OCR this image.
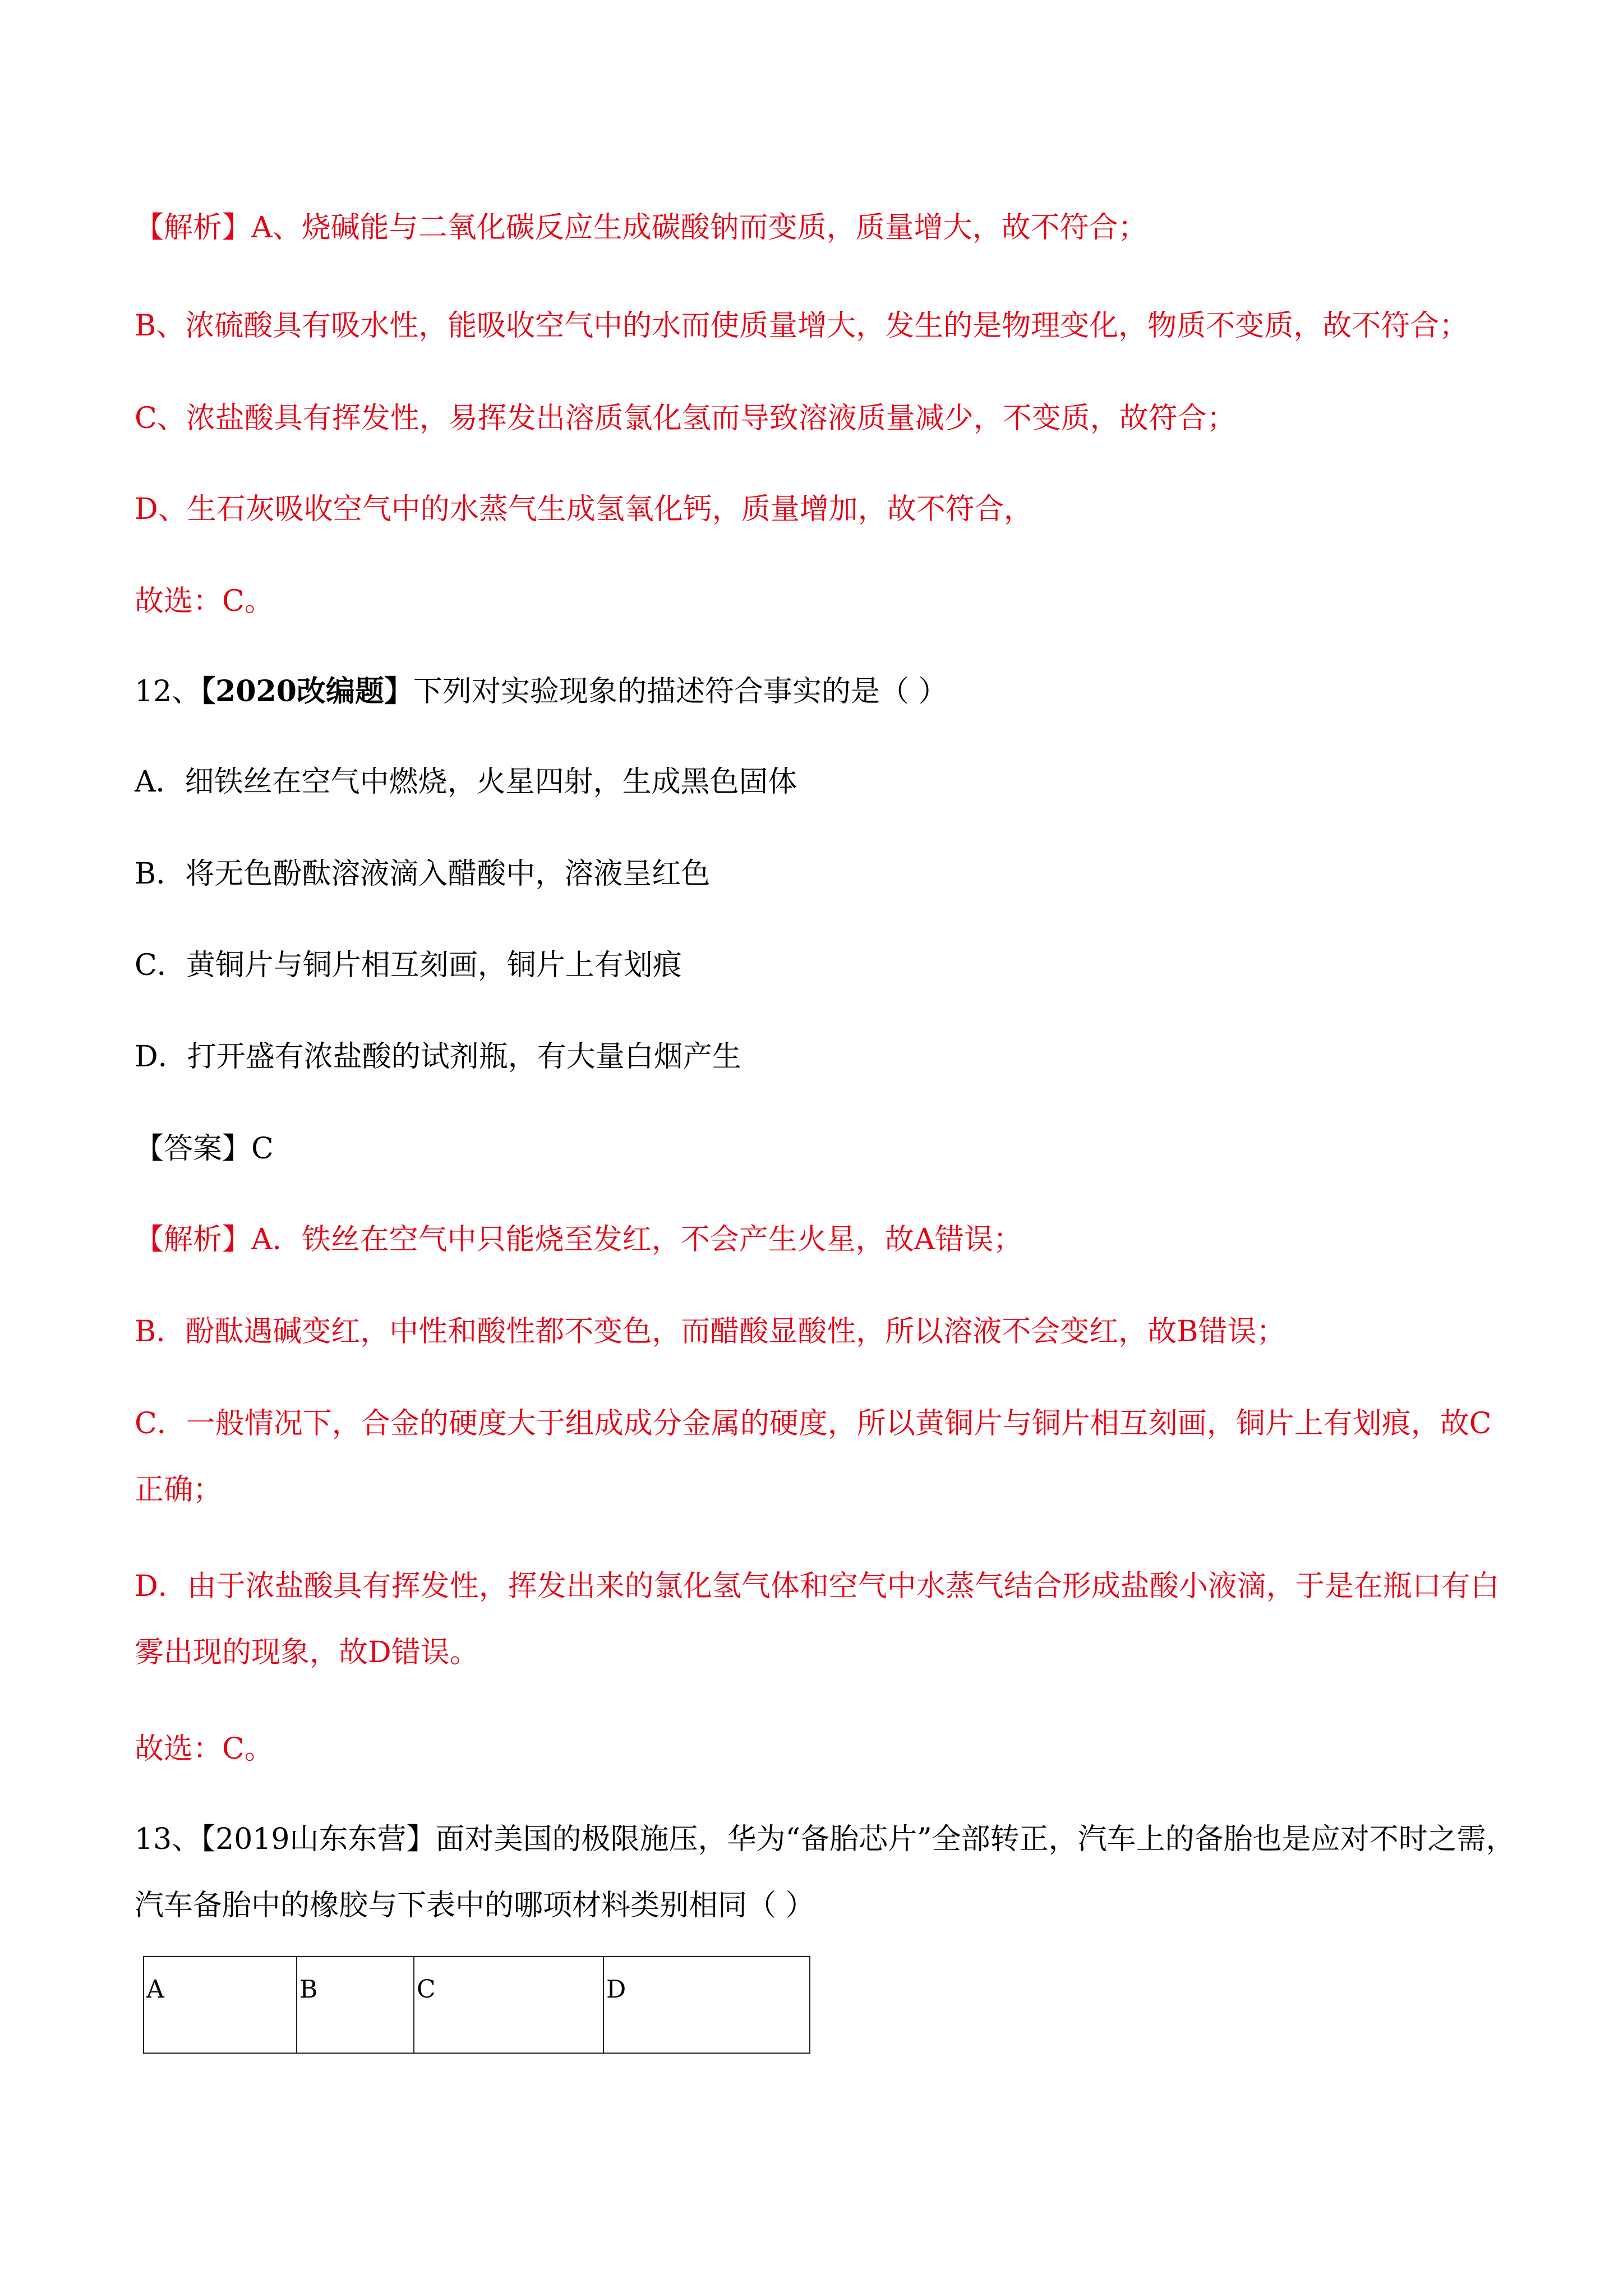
【解析】A、烧碱能与二氧化碳反应生成碳酸钠而变质，质量增大，故不符合；
B、浓硫酸具有吸水性，能吸收空气中的水而使质量增大，发生的是物理变化，物质不变质，故不符合；
C、浓盐酸具有挥发性，易挥发出溶质氯化氢而导致溶液质量减少，不变质，故符合；
D、生石灰吸收空气中的水蒸气生成氢氧化钙，质量增加，故不符合，
故选：C。
12、【2020改编题】下列对实验现象的描述符合事实的是（ ）
A．细铁丝在空气中燃烧，火星四射，生成黑色固体
B．将无色酚酞溶液滴入醋酸中，溶液呈红色
C．黄铜片与铜片相互刻画，铜片上有划痕
D．打开盛有浓盐酸的试剂瓶，有大量白烟产生
【答案】C
【解析】A．铁丝在空气中只能烧至发红，不会产生火星，故A错误；
B．酚酞遇碱变红，中性和酸性都不变色，而醋酸显酸性，所以溶液不会变红，故B错误；
C．一般情况下，合金的硬度大于组成成分金属的硬度，所以黄铜片与铜片相互刻画，铜片上有划痕，故C
正确；
D．由于浓盐酸具有挥发性，挥发出来的氯化氢气体和空气中水蒸气结合形成盐酸小液滴，于是在瓶口有白
雾出现的现象，故D错误。
故选：C。
13、【2019山东东营】面对美国的极限施压，华为“备胎芯片”全部转正，汽车上的备胎也是应对不时之需，
汽车备胎中的橡胶与下表中的哪项材料类别相同（ ）
A	B	C	D
